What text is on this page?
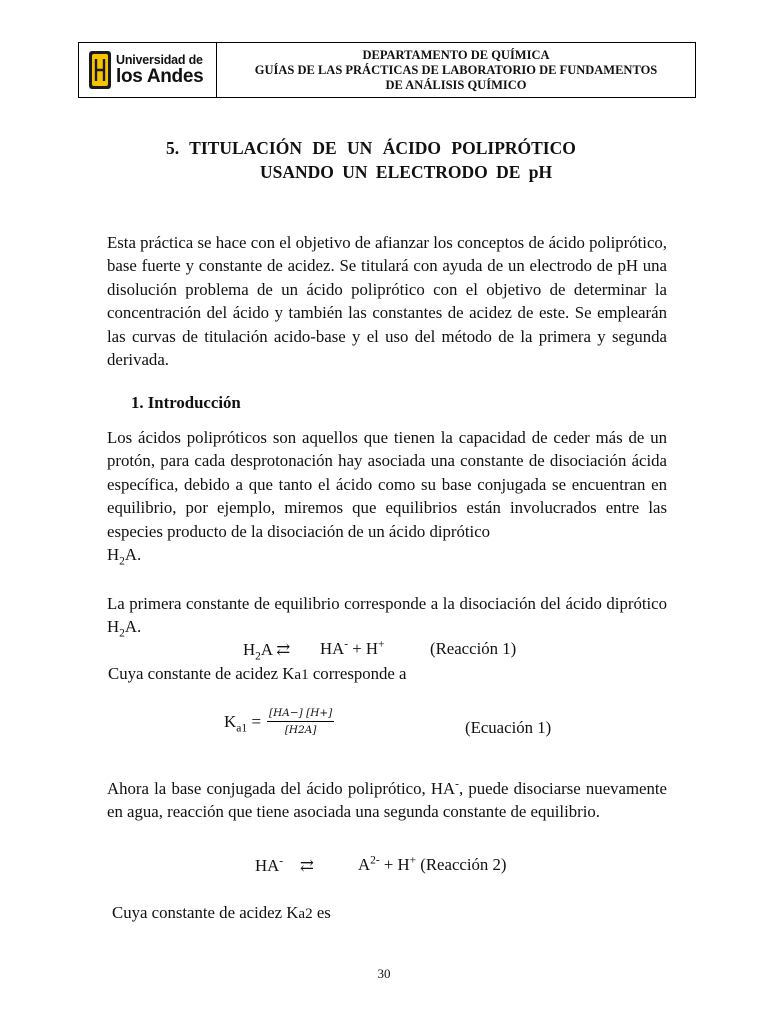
Universidad de
los Andes
DEPARTAMENTO DE QUÍMICA
GUÍAS DE LAS PRÁCTICAS DE LABORATORIO DE FUNDAMENTOS
DE ANÁLISIS QUÍMICO
5. TITULACIÓN DE UN ÁCIDO POLIPRÓTICO
USANDO UN ELECTRODO DE pH
Esta práctica se hace con el objetivo de afianzar los conceptos de ácido poliprótico, base fuerte y constante de acidez. Se titulará con ayuda de un electrodo de pH una disolución problema de un ácido poliprótico con el objetivo de determinar la concentración del ácido y también las constantes de acidez de este. Se emplearán las curvas de titulación acido-base y el uso del método de la primera y segunda derivada.
1. Introducción
Los ácidos polipróticos son aquellos que tienen la capacidad de ceder más de un protón, para cada desprotonación hay asociada una constante de disociación ácida específica, debido a que tanto el ácido como su base conjugada se encuentran en equilibrio, por ejemplo, miremos que equilibrios están involucrados entre las especies producto de la disociación de un ácido diprótico
$H_2A$.
La primera constante de equilibrio corresponde a la disociación del ácido diprótico $H_2A$.
$H_2A$ ⇄ HA- + H+	(Reacción 1)
Cuya constante de acidez Ka1 corresponde a
$K_{a1} = \frac{[HA-] [H+]}{[H2A]}$	(Ecuación 1)
Ahora la base conjugada del ácido poliprótico, HA-, puede disociarse nuevamente en agua, reacción que tiene asociada una segunda constante de equilibrio.
HA-    ⇄	$A^{2-} + H^+$ (Reacción 2)
Cuya constante de acidez Ka2 es
30
